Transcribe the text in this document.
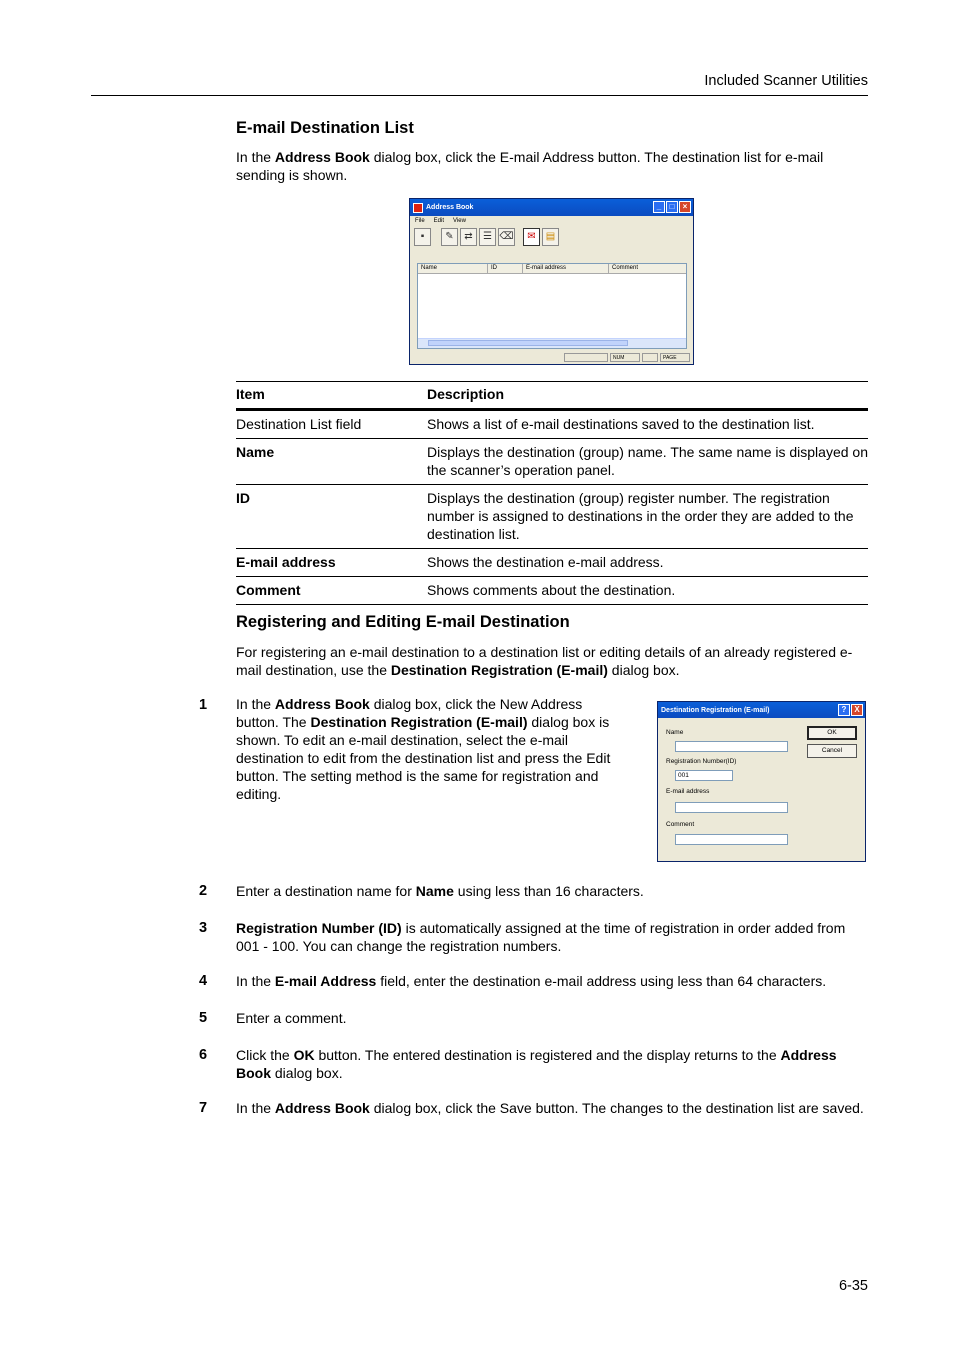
Included Scanner Utilities
E-mail Destination List
In the Address Book dialog box, click the E-mail Address button. The destination list for e-mail sending is shown.
Address Book	_	□	×
File Edit View
▪	✎	⇄	☰ ⌫	✉	▤
Name	ID	E-mail address	Comment
NUM	PAGE
Item	Description
Destination List field	Shows a list of e-mail destinations saved to the destination list.
Name	Displays the destination (group) name. The same name is displayed on the scanner’s operation panel.
ID	Displays the destination (group) register number. The registration number is assigned to destinations in the order they are added to the destination list.
E-mail address	Shows the destination e-mail address.
Comment	Shows comments about the destination.
Registering and Editing E-mail Destination
For registering an e-mail destination to a destination list or editing details of an already registered e-mail destination, use the Destination Registration (E-mail) dialog box.
1 In the Address Book dialog box, click the New Address button. The Destination Registration (E-mail) dialog box is shown. To edit an e-mail destination, select the e-mail destination to edit from the destination list and press the Edit button. The setting method is the same for registration and editing.
Destination Registration (E-mail)	? X
Name
Registration Number(ID)
001
E-mail address
Comment
OK
Cancel
2 Enter a destination name for Name using less than 16 characters.
3 Registration Number (ID) is automatically assigned at the time of registration in order added from 001 - 100. You can change the registration numbers.
4 In the E-mail Address field, enter the destination e-mail address using less than 64 characters.
5 Enter a comment.
6 Click the OK button. The entered destination is registered and the display returns to the Address Book dialog box.
7 In the Address Book dialog box, click the Save button. The changes to the destination list are saved.
6-35
